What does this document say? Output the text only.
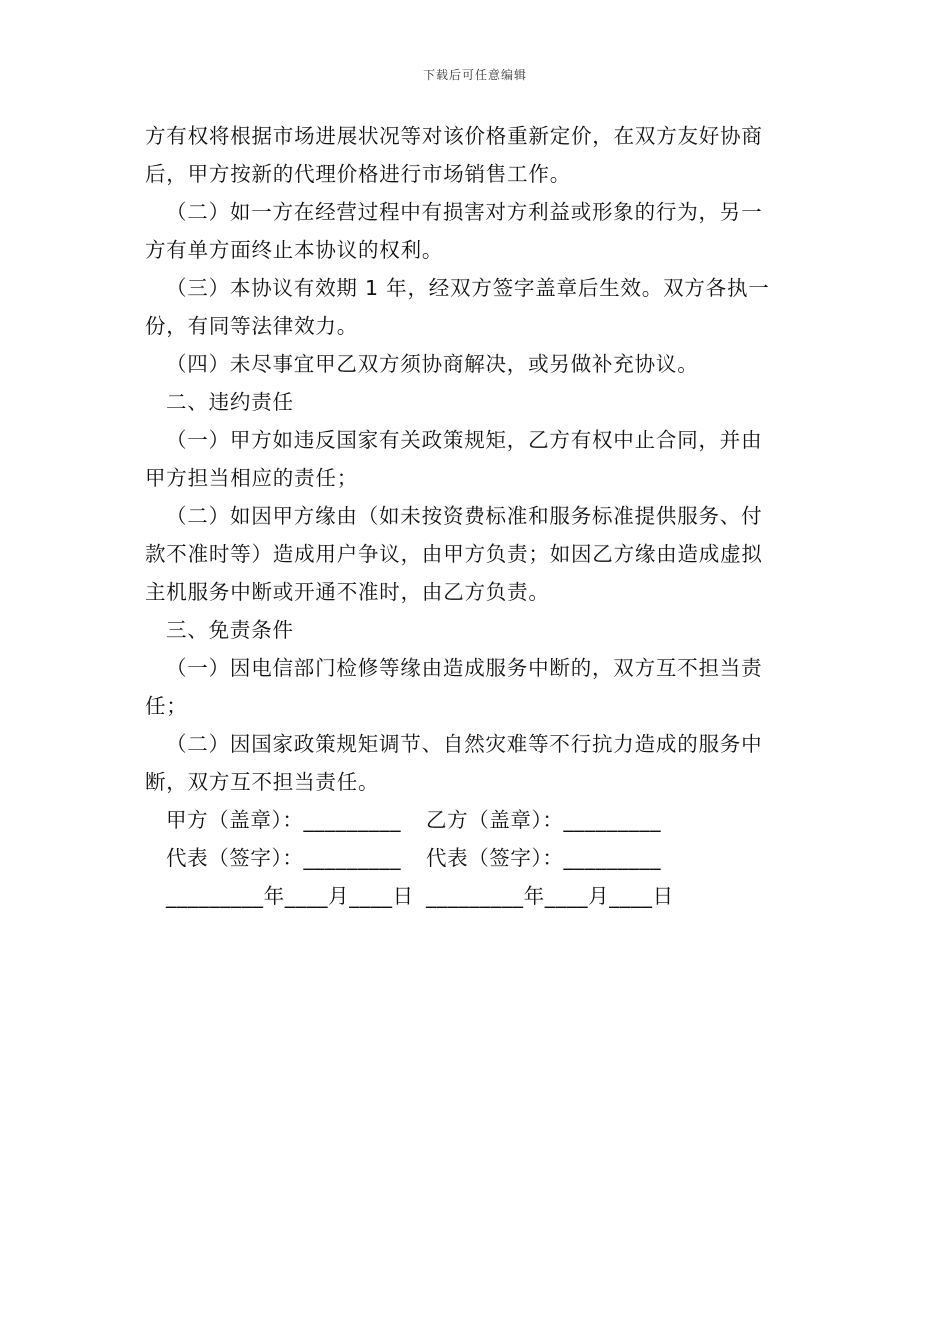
下载后可任意编辑
方有权将根据市场进展状况等对该价格重新定价，在双方友好协商
后，甲方按新的代理价格进行市场销售工作。
（二）如一方在经营过程中有损害对方利益或形象的行为，另一
方有单方面终止本协议的权利。
（三）本协议有效期 1 年，经双方签字盖章后生效。双方各执一
份，有同等法律效力。
（四）未尽事宜甲乙双方须协商解决，或另做补充协议。
二、违约责任
（一）甲方如违反国家有关政策规矩，乙方有权中止合同，并由
甲方担当相应的责任；
（二）如因甲方缘由（如未按资费标准和服务标准提供服务、付
款不准时等）造成用户争议，由甲方负责；如因乙方缘由造成虚拟
主机服务中断或开通不准时，由乙方负责。
三、免责条件
（一）因电信部门检修等缘由造成服务中断的，双方互不担当责
任；
（二）因国家政策规矩调节、自然灾难等不行抗力造成的服务中
断，双方互不担当责任。
甲方（盖章）：_________ 乙方（盖章）：_________
代表（签字）：_________ 代表（签字）：_________
_________年____月____日 _________年____月____日
